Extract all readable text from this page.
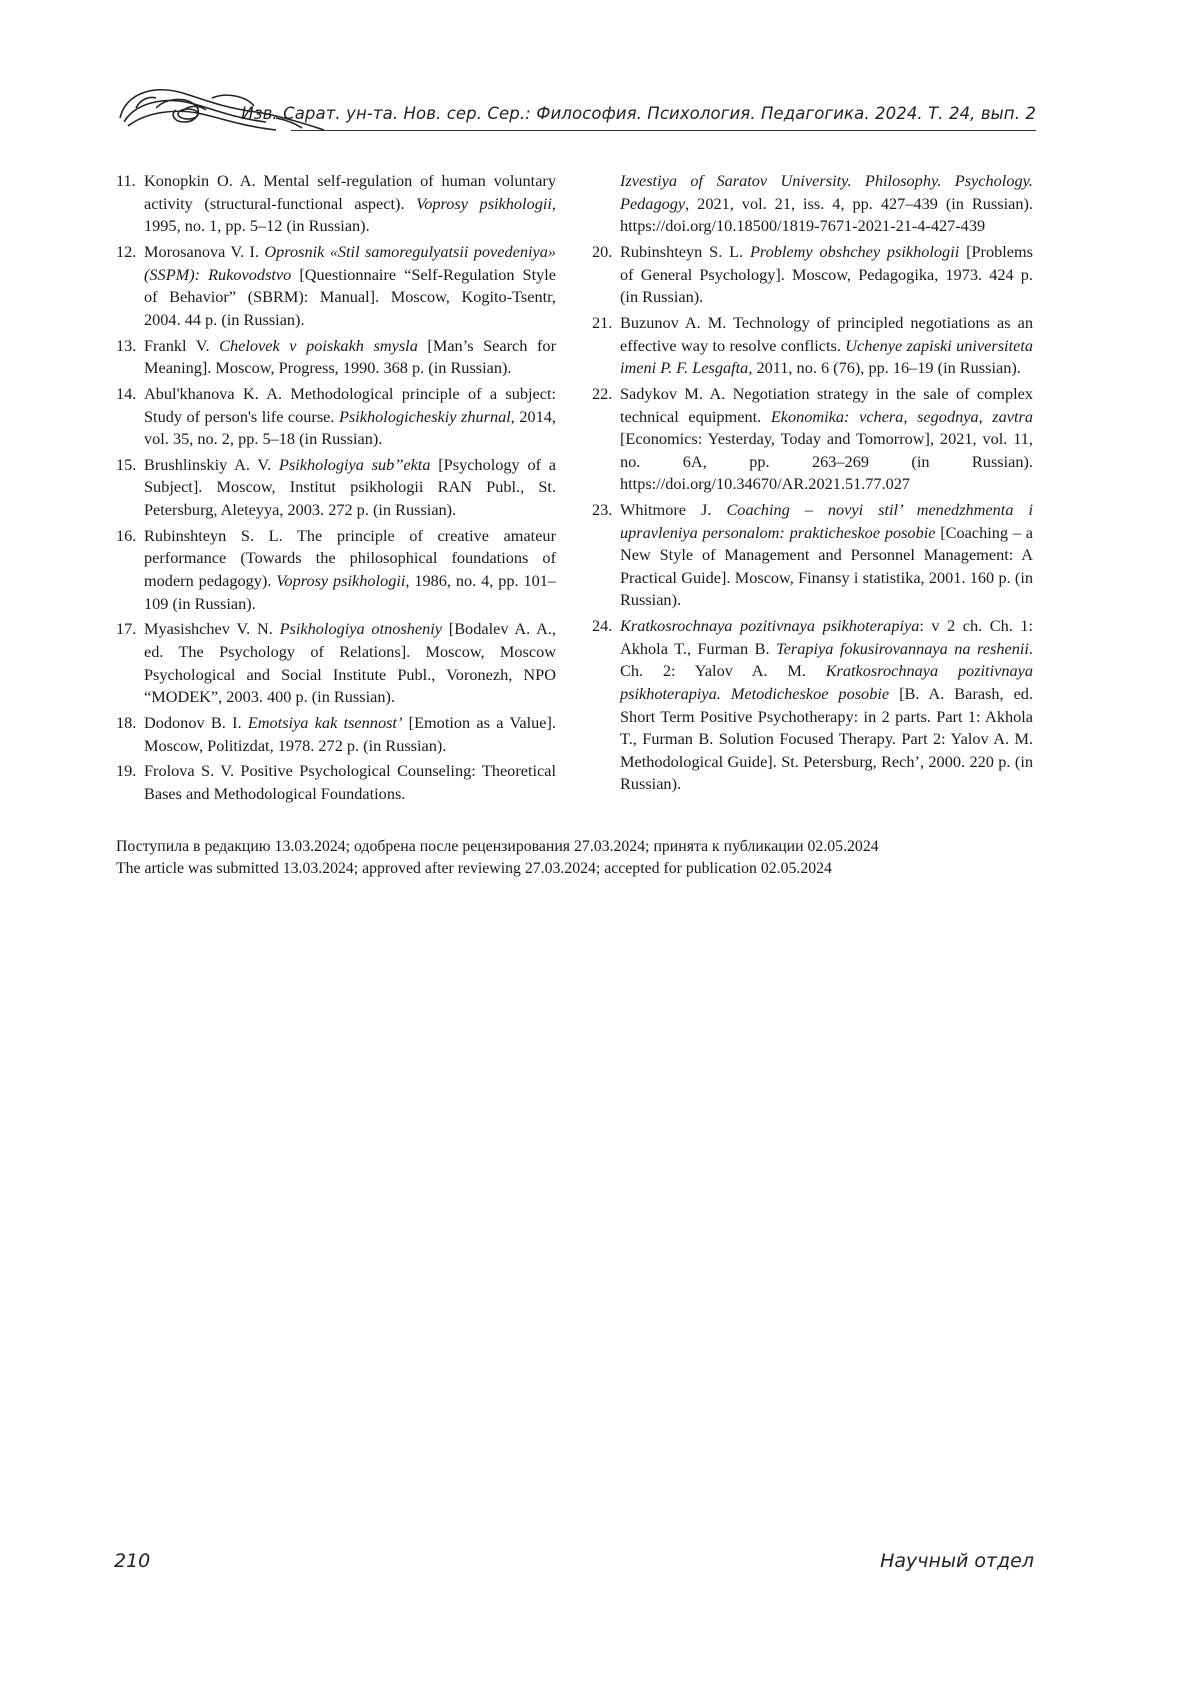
Изв. Сарат. ун-та. Нов. сер. Сер.: Философия. Психология. Педагогика. 2024. Т. 24, вып. 2
11. Konopkin O. A. Mental self-regulation of human voluntary activity (structural-functional aspect). Voprosy psikhologii, 1995, no. 1, pp. 5–12 (in Russian).
12. Morosanova V. I. Oprosnik «Stil samoregulyatsii povedeniya» (SSPM): Rukovodstvo [Questionnaire “Self-Regulation Style of Behavior” (SBRM): Manual]. Moscow, Kogito-Tsentr, 2004. 44 p. (in Russian).
13. Frankl V. Chelovek v poiskakh smysla [Man’s Search for Meaning]. Moscow, Progress, 1990. 368 p. (in Russian).
14. Abul'khanova K. A. Methodological principle of a subject: Study of person's life course. Psikhologicheskiy zhurnal, 2014, vol. 35, no. 2, pp. 5–18 (in Russian).
15. Brushlinskiy A. V. Psikhologiya sub’’ekta [Psychology of a Subject]. Moscow, Institut psikhologii RAN Publ., St. Petersburg, Aleteyya, 2003. 272 p. (in Russian).
16. Rubinshteyn S. L. The principle of creative amateur performance (Towards the philosophical foundations of modern pedagogy). Voprosy psikhologii, 1986, no. 4, pp. 101–109 (in Russian).
17. Myasishchev V. N. Psikhologiya otnosheniy [Bodalev A. A., ed. The Psychology of Relations]. Moscow, Moscow Psychological and Social Institute Publ., Voronezh, NPO “MODEK”, 2003. 400 p. (in Russian).
18. Dodonov B. I. Emotsiya kak tsennost’ [Emotion as a Value]. Moscow, Politizdat, 1978. 272 p. (in Russian).
19. Frolova S. V. Positive Psychological Counseling: Theoretical Bases and Methodological Foundations.
Izvestiya of Saratov University. Philosophy. Psychology. Pedagogy, 2021, vol. 21, iss. 4, pp. 427–439 (in Russian). https://doi.org/10.18500/1819-7671-2021-21-4-427-439
20. Rubinshteyn S. L. Problemy obshchey psikhologii [Problems of General Psychology]. Moscow, Pedagogika, 1973. 424 p. (in Russian).
21. Buzunov A. M. Technology of principled negotiations as an effective way to resolve conflicts. Uchenye zapiski universiteta imeni P. F. Lesgafta, 2011, no. 6 (76), pp. 16–19 (in Russian).
22. Sadykov M. A. Negotiation strategy in the sale of complex technical equipment. Ekonomika: vchera, segodnya, zavtra [Economics: Yesterday, Today and Tomorrow], 2021, vol. 11, no. 6A, pp. 263–269 (in Russian). https://doi.org/10.34670/AR.2021.51.77.027
23. Whitmore J. Coaching – novyi stil’ menedzhmenta i upravleniya personalom: prakticheskoe posobie [Coaching – a New Style of Management and Personnel Management: A Practical Guide]. Moscow, Finansy i statistika, 2001. 160 p. (in Russian).
24. Kratkosrochnaya pozitivnaya psikhoterapiya: v 2 ch. Ch. 1: Akhola T., Furman B. Terapiya fokusirovannaya na reshenii. Ch. 2: Yalov A. M. Kratkosrochnaya pozitivnaya psikhoterapiya. Metodicheskoe posobie [B. A. Barash, ed. Short Term Positive Psychotherapy: in 2 parts. Part 1: Akhola T., Furman B. Solution Focused Therapy. Part 2: Yalov A. M. Methodological Guide]. St. Petersburg, Rech’, 2000. 220 p. (in Russian).
Поступила в редакцию 13.03.2024; одобрена после рецензирования 27.03.2024; принята к публикации 02.05.2024
The article was submitted 13.03.2024; approved after reviewing 27.03.2024; accepted for publication 02.05.2024
210	Научный отдел
